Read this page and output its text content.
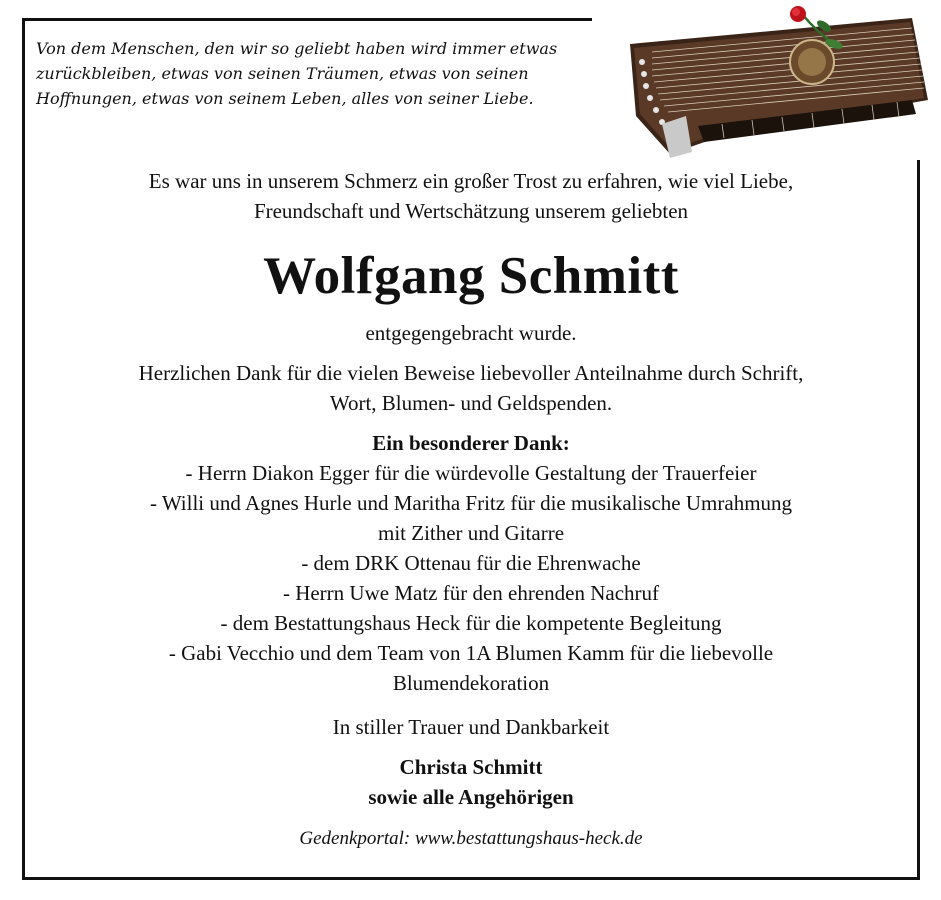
Von dem Menschen, den wir so geliebt haben wird immer etwas
zurückbleiben, etwas von seinen Träumen, etwas von seinen
Hoffnungen, etwas von seinem Leben, alles von seiner Liebe.

Es war uns in unserem Schmerz ein großer Trost zu erfahren, wie viel Liebe,
Freundschaft und Wertschätzung unserem geliebten

Wolfgang Schmitt

entgegengebracht wurde.

Herzlichen Dank für die vielen Beweise liebevoller Anteilnahme durch Schrift,
Wort, Blumen- und Geldspenden.

Ein besonderer Dank:
- Herrn Diakon Egger für die würdevolle Gestaltung der Trauerfeier
- Willi und Agnes Hurle und Maritha Fritz für die musikalische Umrahmung
mit Zither und Gitarre
- dem DRK Ottenau für die Ehrenwache
- Herrn Uwe Matz für den ehrenden Nachruf
- dem Bestattungshaus Heck für die kompetente Begleitung
- Gabi Vecchio und dem Team von 1A Blumen Kamm für die liebevolle
Blumendekoration

In stiller Trauer und Dankbarkeit

Christa Schmitt
sowie alle Angehörigen
Gedenkportal: www.bestattungshaus-heck.de
